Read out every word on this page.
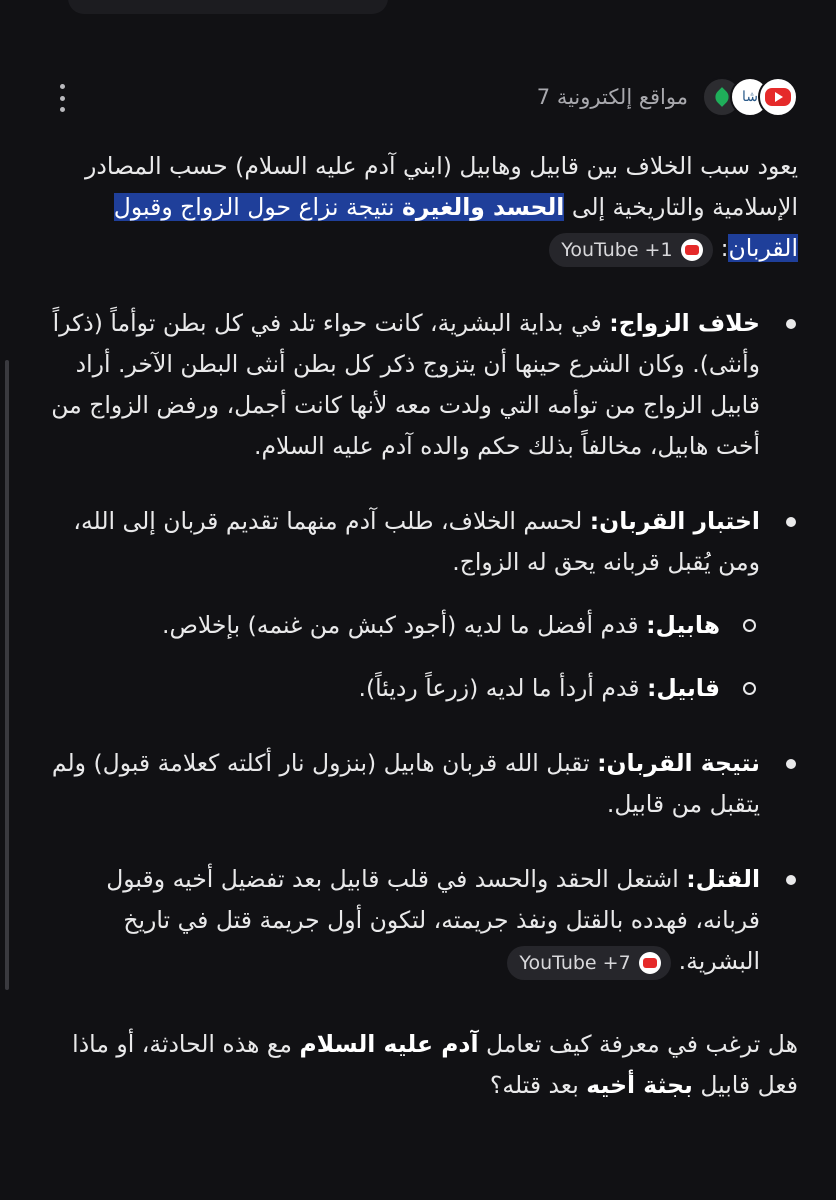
شا
7 مواقع إلكترونية

يعود سبب الخلاف بين قابيل وهابيل (ابني آدم عليه السلام) حسب المصادر الإسلامية والتاريخية إلى الحسد والغيرة نتيجة نزاع حول الزواج وقبول القربان:
YouTube +1

خلاف الزواج: في بداية البشرية، كانت حواء تلد في كل بطن توأماً (ذكراً وأنثى). وكان الشرع حينها أن يتزوج ذكر كل بطن أنثى البطن الآخر. أراد قابيل الزواج من توأمه التي ولدت معه لأنها كانت أجمل، ورفض الزواج من أخت هابيل، مخالفاً بذلك حكم والده آدم عليه السلام.
اختبار القربان: لحسم الخلاف، طلب آدم منهما تقديم قربان إلى الله، ومن يُقبل قربانه يحق له الزواج.
هابيل: قدم أفضل ما لديه (أجود كبش من غنمه) بإخلاص.
قابيل: قدم أردأ ما لديه (زرعاً رديئاً).
نتيجة القربان: تقبل الله قربان هابيل (بنزول نار أكلته كعلامة قبول) ولم يتقبل من قابيل.
القتل: اشتعل الحقد والحسد في قلب قابيل بعد تفضيل أخيه وقبول قربانه، فهدده بالقتل ونفذ جريمته، لتكون أول جريمة قتل في تاريخ البشرية.
YouTube +7

هل ترغب في معرفة كيف تعامل آدم عليه السلام مع هذه الحادثة، أو ماذا فعل قابيل بجثة أخيه بعد قتله؟
